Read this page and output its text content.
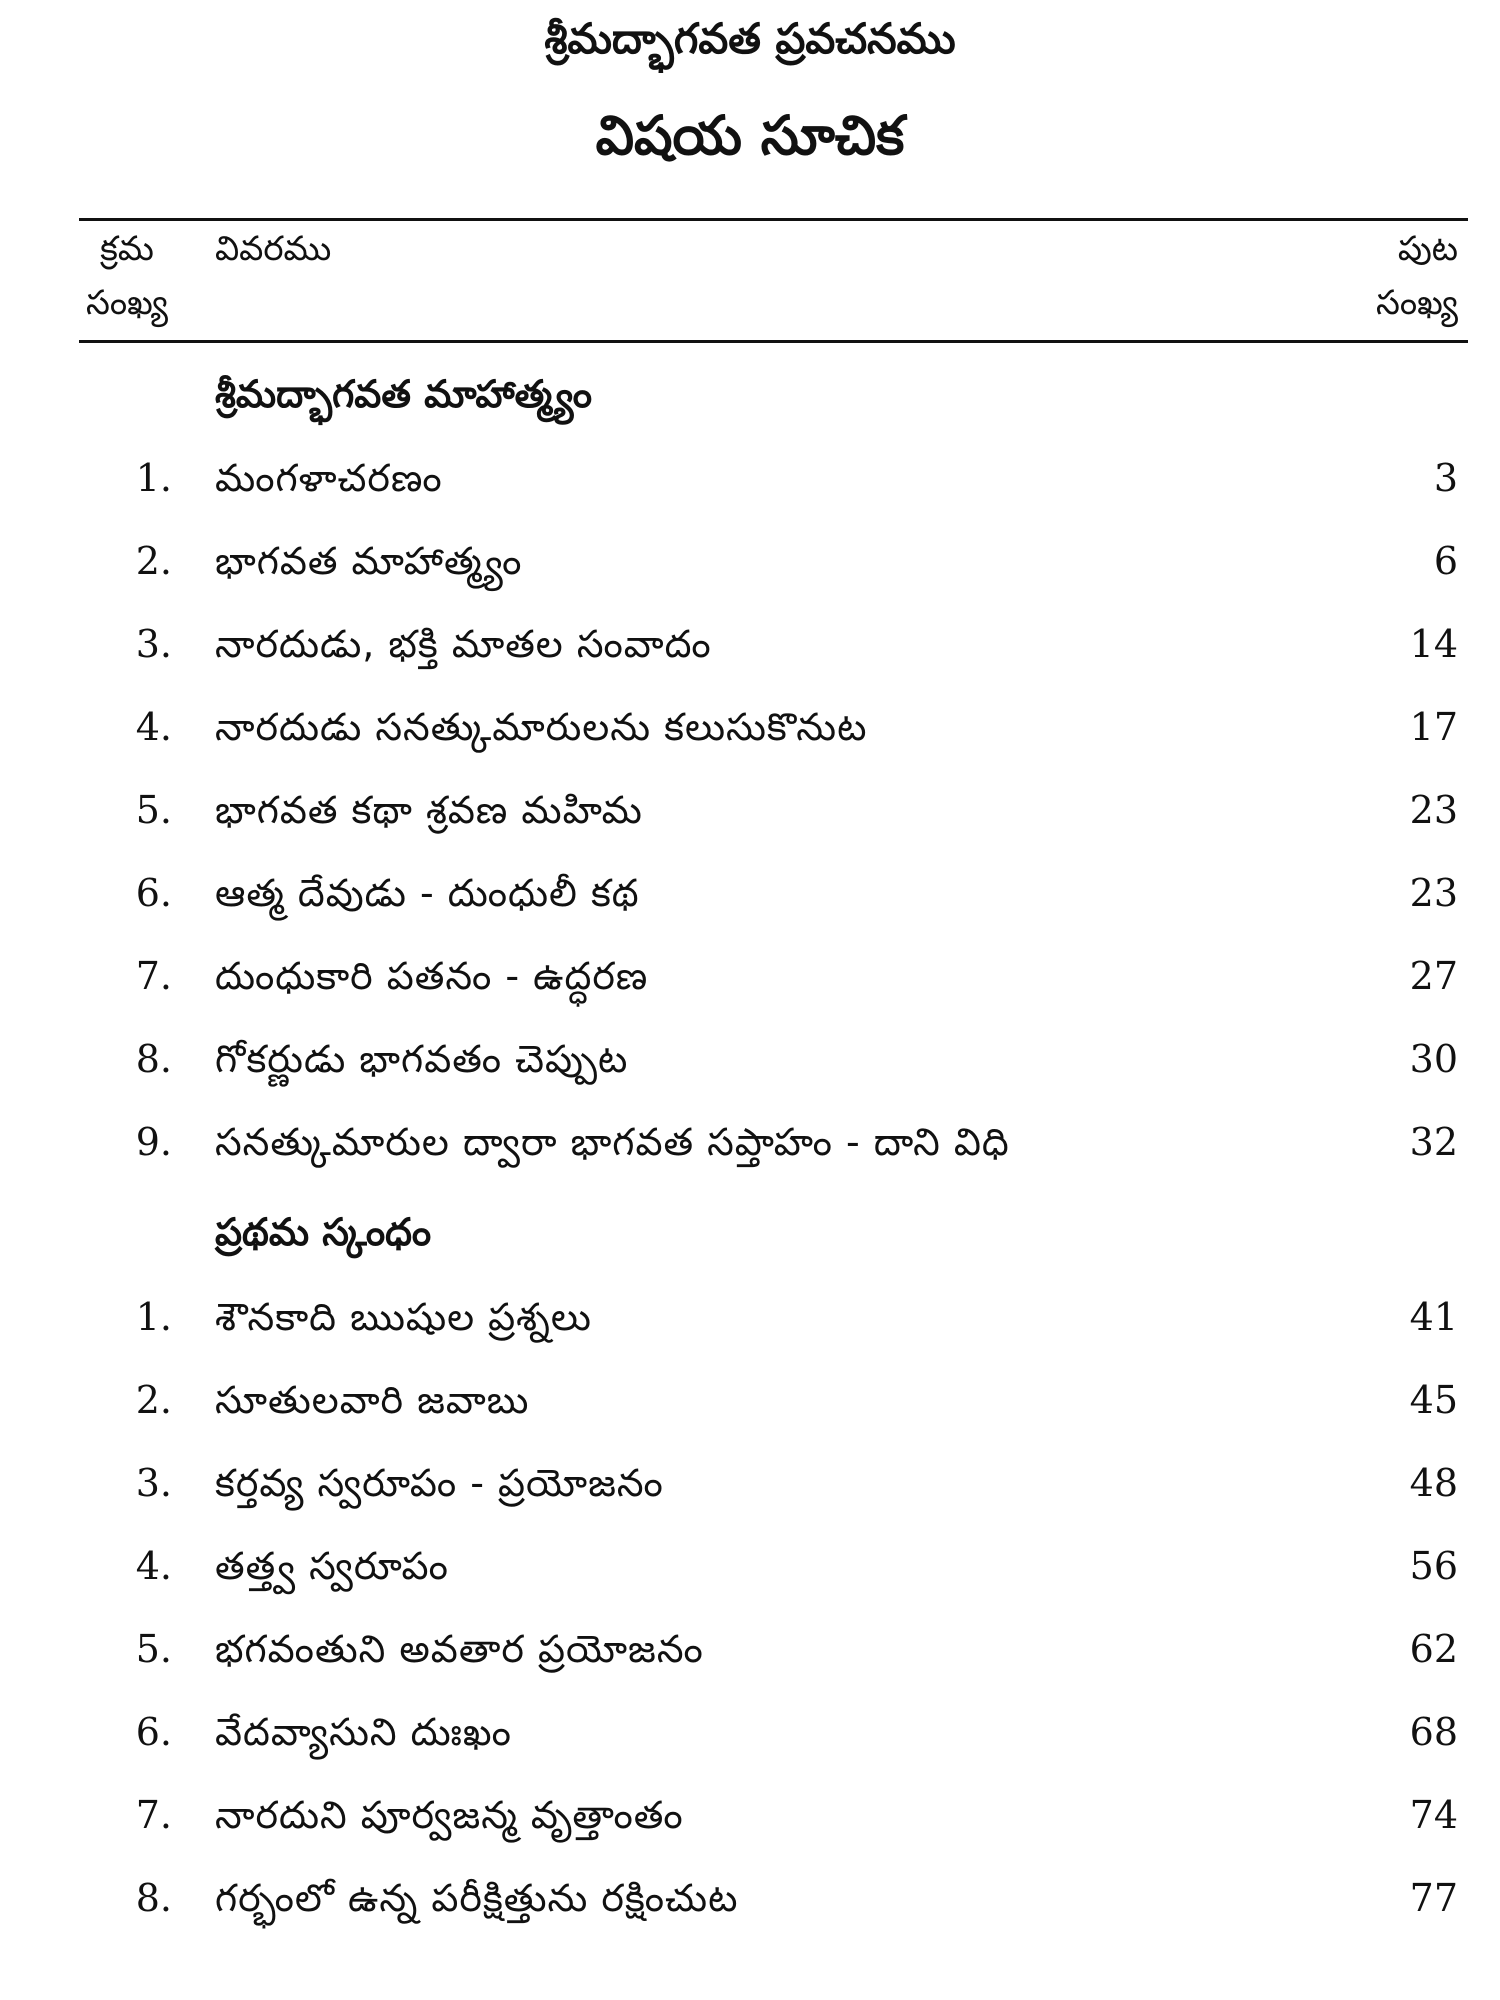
శ్రీమద్భాగవత ప్రవచనము
విషయ సూచిక
క్రమ
సంఖ్య
వివరము	పుట
సంఖ్య
శ్రీమద్భాగవత మాహాత్మ్యం
1. మంగళాచరణం	3
2. భాగవత మాహాత్మ్యం	6
3. నారదుడు, భక్తి మాతల సంవాదం	14
4. నారదుడు సనత్కుమారులను కలుసుకొనుట	17
5. భాగవత కథా శ్రవణ మహిమ	23
6. ఆత్మ దేవుడు - దుంధులీ కథ	23
7. దుంధుకారి పతనం - ఉద్ధరణ	27
8. గోకర్ణుడు భాగవతం చెప్పుట	30
9. సనత్కుమారుల ద్వారా భాగవత సప్తాహం - దాని విధి	32
ప్రథమ స్కంధం
1. శౌనకాది ఋషుల ప్రశ్నలు	41
2. సూతులవారి జవాబు	45
3. కర్తవ్య స్వరూపం - ప్రయోజనం	48
4. తత్త్వ స్వరూపం	56
5. భగవంతుని అవతార ప్రయోజనం	62
6. వేదవ్యాసుని దుఃఖం	68
7. నారదుని పూర్వజన్మ వృత్తాంతం	74
8. గర్భంలో ఉన్న పరీక్షిత్తును రక్షించుట	77
